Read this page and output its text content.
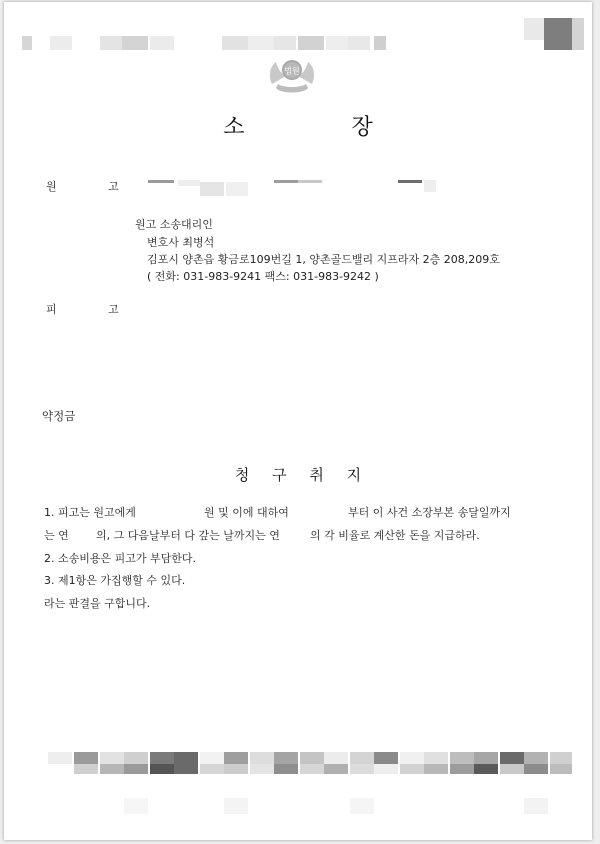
법원
소 장
원 고
원고 소송대리인
변호사 최병석
김포시 양촌읍 황금로109번길 1, 양촌골드밸리 지프라자 2층 208,209호
( 전화: 031-983-9241 팩스: 031-983-9242 )
피 고
약정금
청 구 취 지
1. 피고는 원고에게	원 및 이에 대하여	부터 이 사건 소장부본 송달일까지
는 연 의, 그 다음날부터 다 갚는 날까지는 연	의 각 비율로 계산한 돈을 지급하라.
2. 소송비용은 피고가 부담한다.
3. 제1항은 가집행할 수 있다.
라는 판결을 구합니다.
